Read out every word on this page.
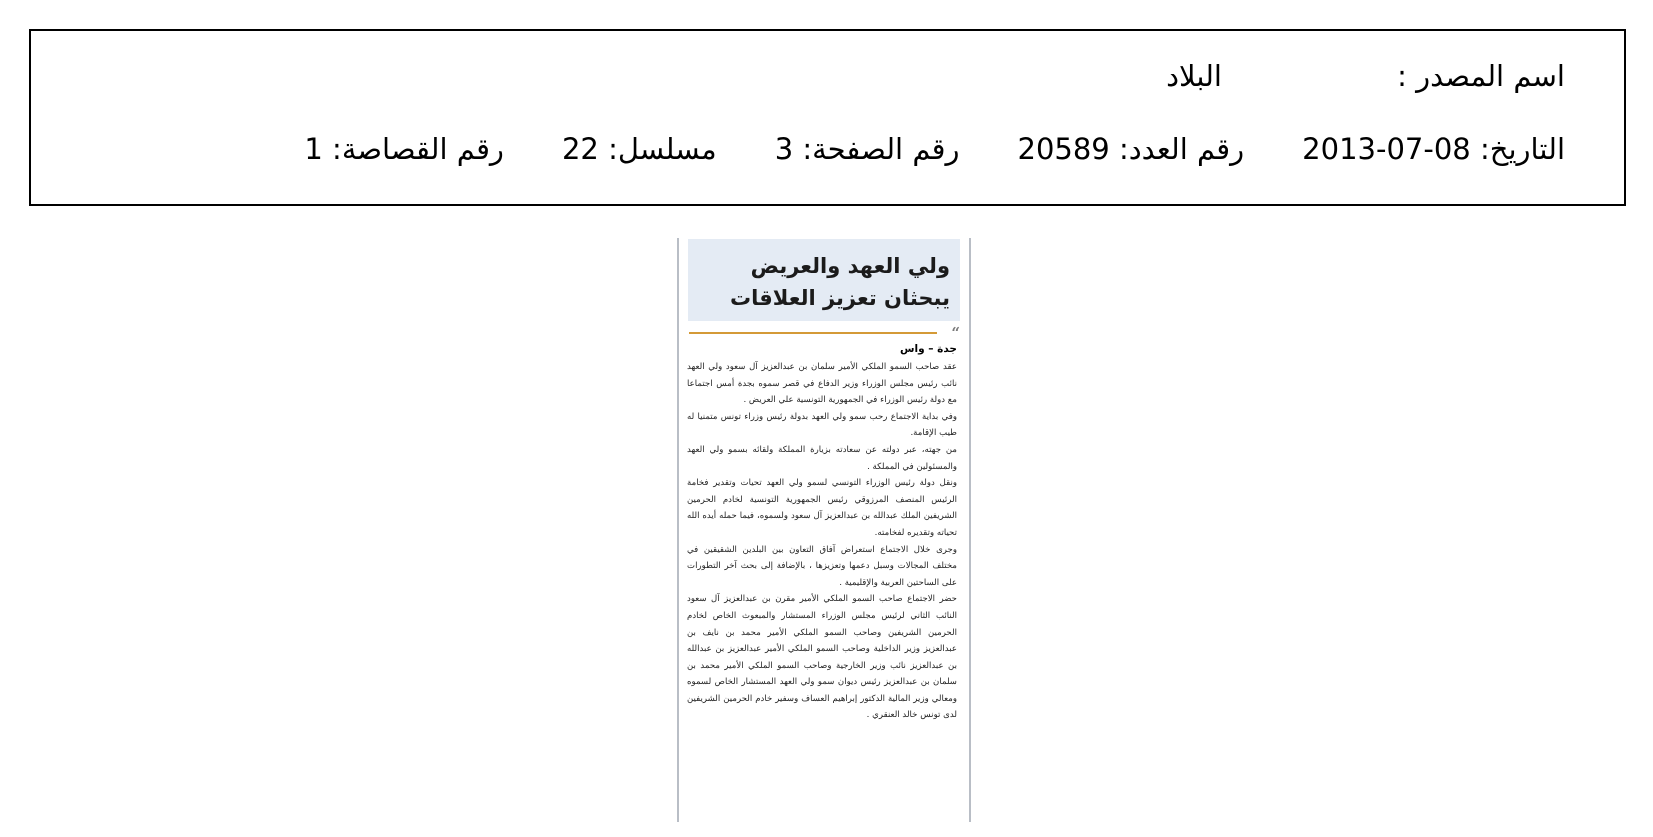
اسم المصدر :
البلاد
التاريخ: 08-07-2013
رقم العدد: 20589
رقم الصفحة: 3
مسلسل: 22
رقم القصاصة: 1
ولي العهد والعريض
يبحثان تعزيز العلاقات
“
جدة – واس

عقد صاحب السمو الملكي الأمير سلمان بن عبدالعزيز آل سعود ولي العهد نائب رئيس مجلس الوزراء وزير الدفاع في قصر سموه بجدة أمس اجتماعا مع دولة رئيس الوزراء في الجمهورية التونسية علي العريض .

وفي بداية الاجتماع رحب سمو ولي العهد بدولة رئيس وزراء تونس متمنيا له طيب الإقامة.

من جهته، عبر دولته عن سعادته بزيارة المملكة ولقائه بسمو ولي العهد والمسئولين في المملكة .

ونقل دولة رئيس الوزراء التونسي لسمو ولي العهد تحيات وتقدير فخامة الرئيس المنصف المرزوقي رئيس الجمهورية التونسية لخادم الحرمين الشريفين الملك عبدالله بن عبدالعزيز آل سعود ولسموه، فيما حمله أيده الله تحياته وتقديره لفخامته.

وجرى خلال الاجتماع استعراض آفاق التعاون بين البلدين الشقيقين في مختلف المجالات وسبل دعمها وتعزيزها ، بالإضافة إلى بحث آخر التطورات على الساحتين العربية والإقليمية .

حضر الاجتماع صاحب السمو الملكي الأمير مقرن بن عبدالعزيز آل سعود النائب الثاني لرئيس مجلس الوزراء المستشار والمبعوث الخاص لخادم الحرمين الشريفين وصاحب السمو الملكي الأمير محمد بن نايف بن عبدالعزيز وزير الداخلية وصاحب السمو الملكي الأمير عبدالعزيز بن عبدالله بن عبدالعزيز نائب وزير الخارجية وصاحب السمو الملكي الأمير محمد بن سلمان بن عبدالعزيز رئيس ديوان سمو ولي العهد المستشار الخاص لسموه ومعالي وزير المالية الدكتور إبراهيم العساف وسفير خادم الحرمين الشريفين لدى تونس خالد العنقري .
